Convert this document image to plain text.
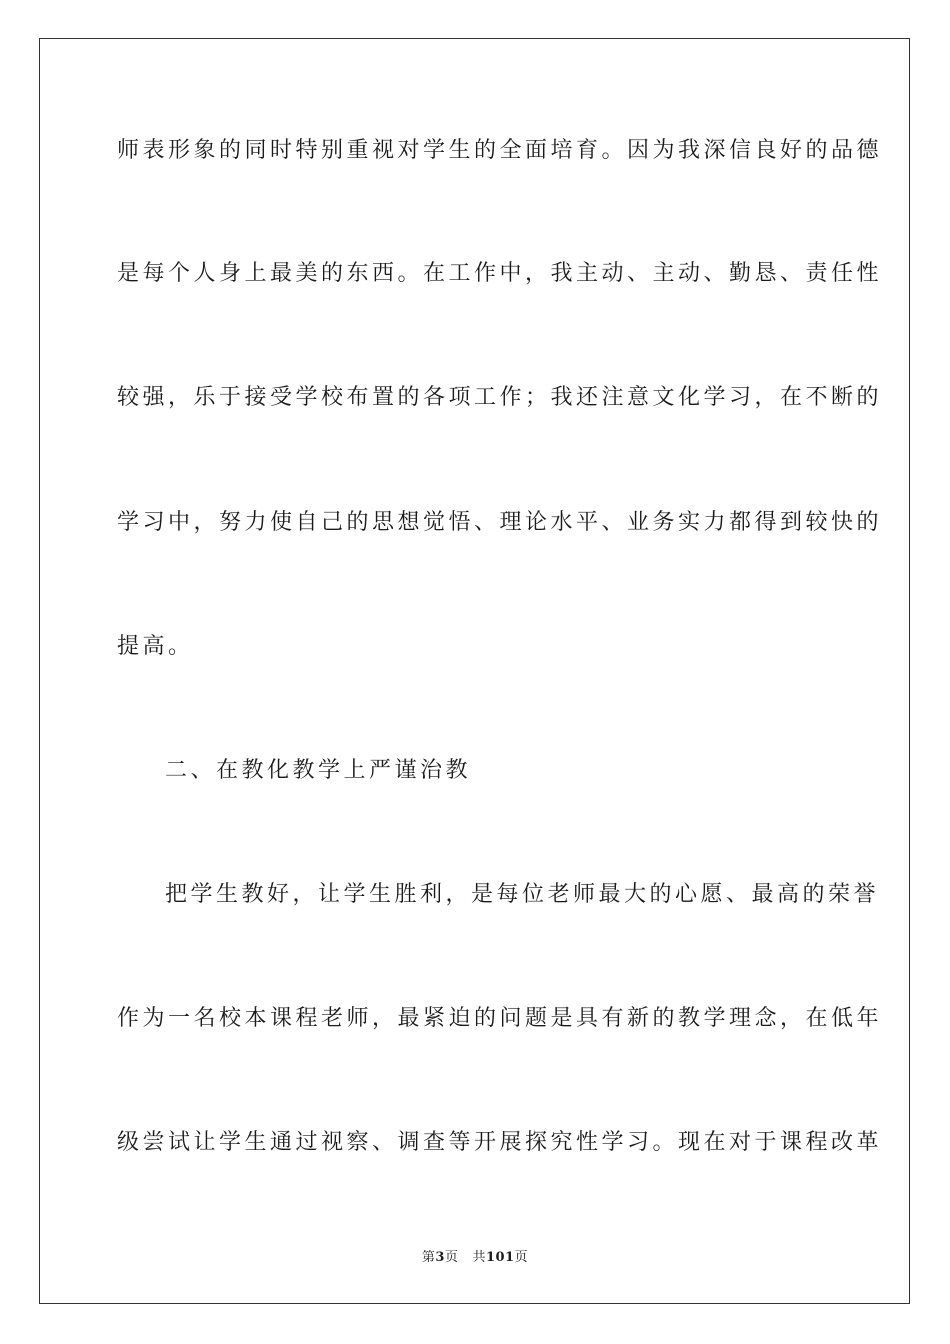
师表形象的同时特别重视对学生的全面培育。因为我深信良好的品德
是每个人身上最美的东西。在工作中，我主动、主动、勤恳、责任性
较强，乐于接受学校布置的各项工作；我还注意文化学习，在不断的
学习中，努力使自己的思想觉悟、理论水平、业务实力都得到较快的
提高。
二、在教化教学上严谨治教
把学生教好，让学生胜利，是每位老师最大的心愿、最高的荣誉
作为一名校本课程老师，最紧迫的问题是具有新的教学理念，在低年
级尝试让学生通过视察、调查等开展探究性学习。现在对于课程改革
第3页 共101页
